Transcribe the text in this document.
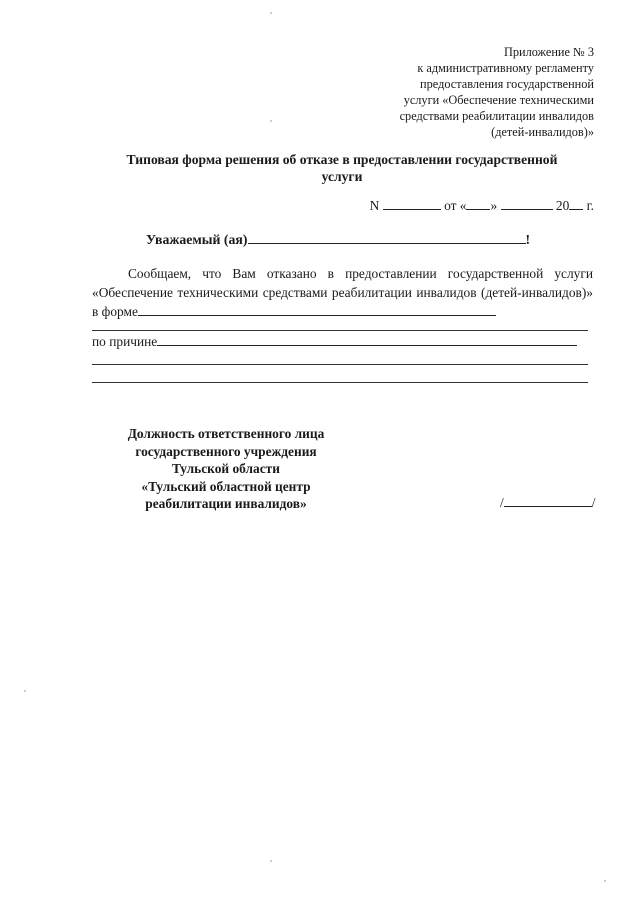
Приложение № 3
к административному регламенту
предоставления государственной
услуги «Обеспечение техническими
средствами реабилитации инвалидов
(детей-инвалидов)»
Типовая форма решения об отказе в предоставлении государственной
услуги
N	от « »	20 г.
Уважаемый (ая)	!

Сообщаем, что Вам отказано в предоставлении государственной услуги «Обеспечение техническими средствами реабилитации инвалидов (детей-инвалидов)» в форме

по причине
Должность ответственного лица
государственного учреждения
Тульской области
«Тульский областной центр
реабилитации инвалидов»	/	/
